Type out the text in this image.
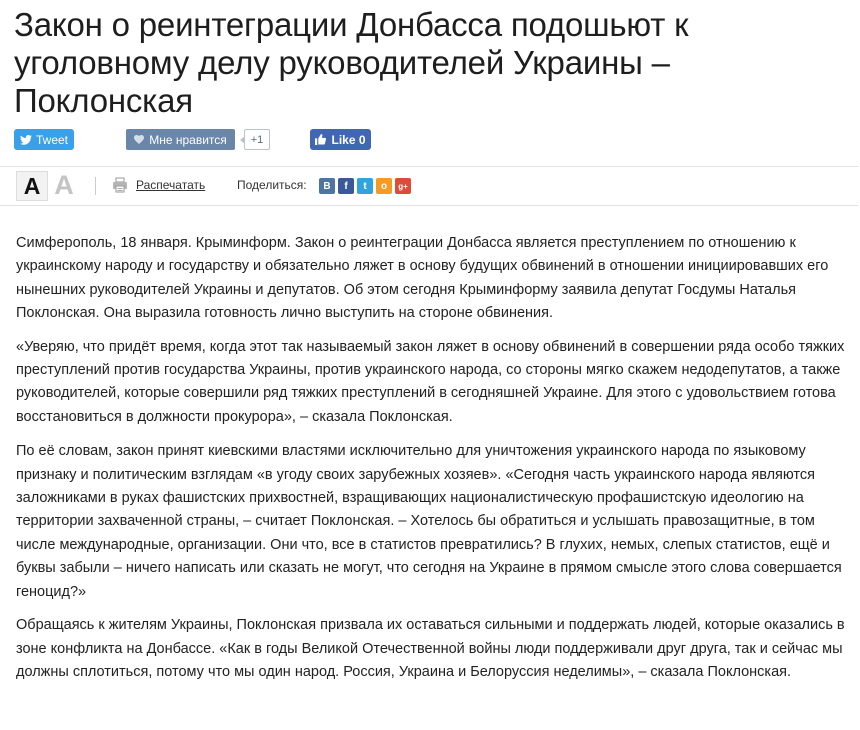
Закон о реинтеграции Донбасса подошьют к уголовному делу руководителей Украины – Поклонская
Tweet	Мне нравится	+1	Like 0
A A	Распечатать	Поделиться:	B	f	t	o	g+

Симферополь, 18 января. Крыминформ. Закон о реинтеграции Донбасса является преступлением по отношению к украинскому народу и государству и обязательно ляжет в основу будущих обвинений в отношении инициировавших его нынешних руководителей Украины и депутатов. Об этом сегодня Крыминформу заявила депутат Госдумы Наталья Поклонская. Она выразила готовность лично выступить на стороне обвинения.

«Уверяю, что придёт время, когда этот так называемый закон ляжет в основу обвинений в совершении ряда особо тяжких преступлений против государства Украины, против украинского народа, со стороны мягко скажем недодепутатов, а также руководителей, которые совершили ряд тяжких преступлений в сегодняшней Украине. Для этого с удовольствием готова восстановиться в должности прокурора», – сказала Поклонская.

По её словам, закон принят киевскими властями исключительно для уничтожения украинского народа по языковому признаку и политическим взглядам «в угоду своих зарубежных хозяев». «Сегодня часть украинского народа являются заложниками в руках фашистских прихвостней, взращивающих националистическую профашистскую идеологию на территории захваченной страны, – считает Поклонская. – Хотелось бы обратиться и услышать правозащитные, в том числе международные, организации. Они что, все в статистов превратились? В глухих, немых, слепых статистов, ещё и буквы забыли – ничего написать или сказать не могут, что сегодня на Украине в прямом смысле этого слова совершается геноцид?»

Обращаясь к жителям Украины, Поклонская призвала их оставаться сильными и поддержать людей, которые оказались в зоне конфликта на Донбассе. «Как в годы Великой Отечественной войны люди поддерживали друг друга, так и сейчас мы должны сплотиться, потому что мы один народ. Россия, Украина и Белоруссия неделимы», – сказала Поклонская.
